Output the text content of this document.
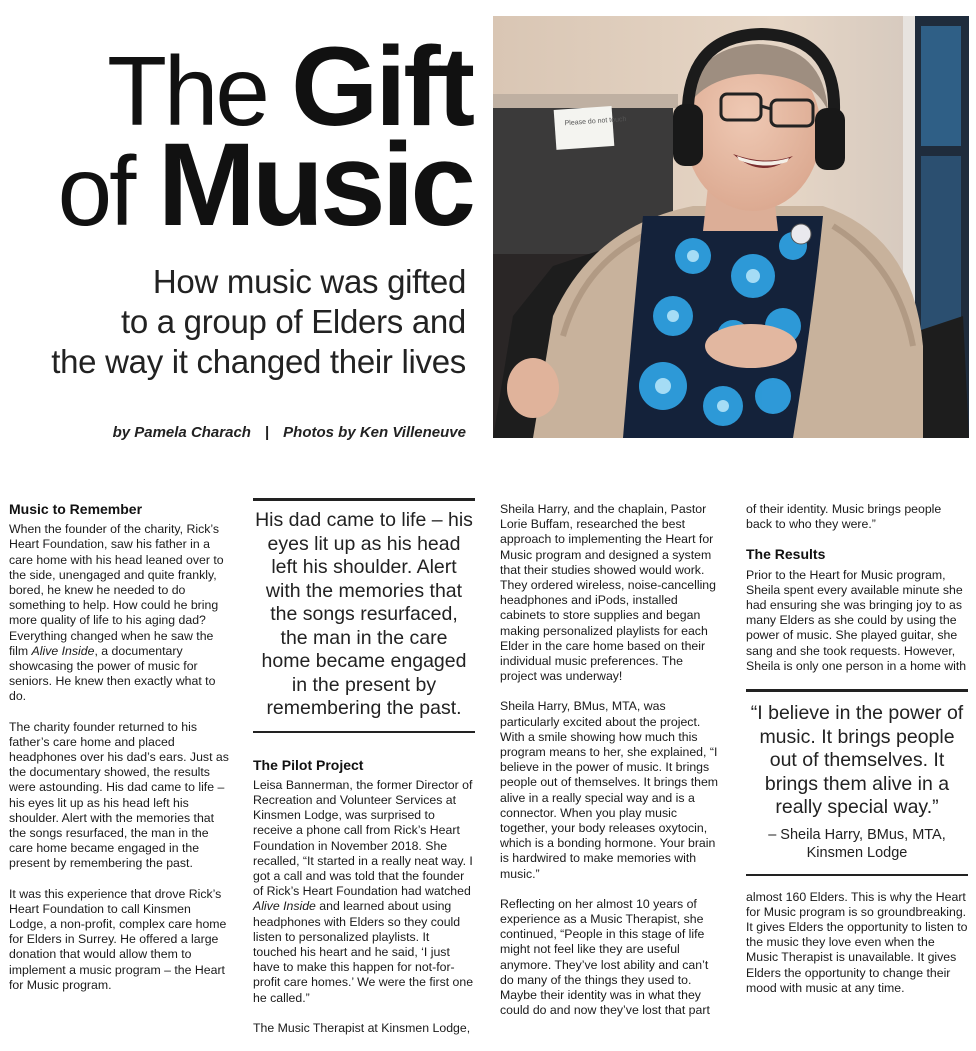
The Gift
of Music
How music was gifted
to a group of Elders and
the way it changed their lives
by Pamela Charach | Photos by Ken Villeneuve
Please do not touch
Music to Remember

When the founder of the charity, Rick’s Heart Foundation, saw his father in a care home with his head leaned over to the side, unengaged and quite frankly, bored, he knew he needed to do something to help. How could he bring more quality of life to his aging dad? Everything changed when he saw the film Alive Inside, a documentary showcasing the power of music for seniors. He knew then exactly what to do.

The charity founder returned to his father’s care home and placed headphones over his dad’s ears. Just as the documentary showed, the results were astounding. His dad came to life – his eyes lit up as his head left his shoulder. Alert with the memories that the songs resurfaced, the man in the care home became engaged in the present by remembering the past.

It was this experience that drove Rick’s Heart Foundation to call Kinsmen Lodge, a non-profit, complex care home for Elders in Surrey. He offered a large donation that would allow them to implement a music program – the Heart for Music program.

His dad came to life – his eyes lit up as his head left his shoulder. Alert with the memories that the songs resurfaced, the man in the care home became engaged in the present by remembering the past.
The Pilot Project

Leisa Bannerman, the former Director of Recreation and Volunteer Services at Kinsmen Lodge, was surprised to receive a phone call from Rick’s Heart Foundation in November 2018. She recalled, “It started in a really neat way. I got a call and was told that the founder of Rick’s Heart Foundation had watched Alive Inside and learned about using headphones with Elders so they could listen to personalized playlists. It touched his heart and he said, ‘I just have to make this happen for not-for-profit care homes.’ We were the first one he called.”

The Music Therapist at Kinsmen Lodge,

Sheila Harry, and the chaplain, Pastor Lorie Buffam, researched the best approach to implementing the Heart for Music program and designed a system that their studies showed would work. They ordered wireless, noise-cancelling headphones and iPods, installed cabinets to store supplies and began making personalized playlists for each Elder in the care home based on their individual music preferences. The project was underway!

Sheila Harry, BMus, MTA, was particularly excited about the project. With a smile showing how much this program means to her, she explained, “I believe in the power of music. It brings people out of themselves. It brings them alive in a really special way and is a connector. When you play music together, your body releases oxytocin, which is a bonding hormone. Your brain is hardwired to make memories with music.”

Reflecting on her almost 10 years of experience as a Music Therapist, she continued, “People in this stage of life might not feel like they are useful anymore. They’ve lost ability and can’t do many of the things they used to. Maybe their identity was in what they could do and now they’ve lost that part

of their identity. Music brings people back to who they were.”

The Results

Prior to the Heart for Music program, Sheila spent every available minute she had ensuring she was bringing joy to as many Elders as she could by using the power of music. She played guitar, she sang and she took requests. However, Sheila is only one person in a home with

“I believe in the power of music. It brings people out of themselves. It brings them alive in a really special way.”
– Sheila Harry, BMus, MTA, Kinsmen Lodge

almost 160 Elders. This is why the Heart for Music program is so groundbreaking. It gives Elders the opportunity to listen to the music they love even when the Music Therapist is unavailable. It gives Elders the opportunity to change their mood with music at any time.
